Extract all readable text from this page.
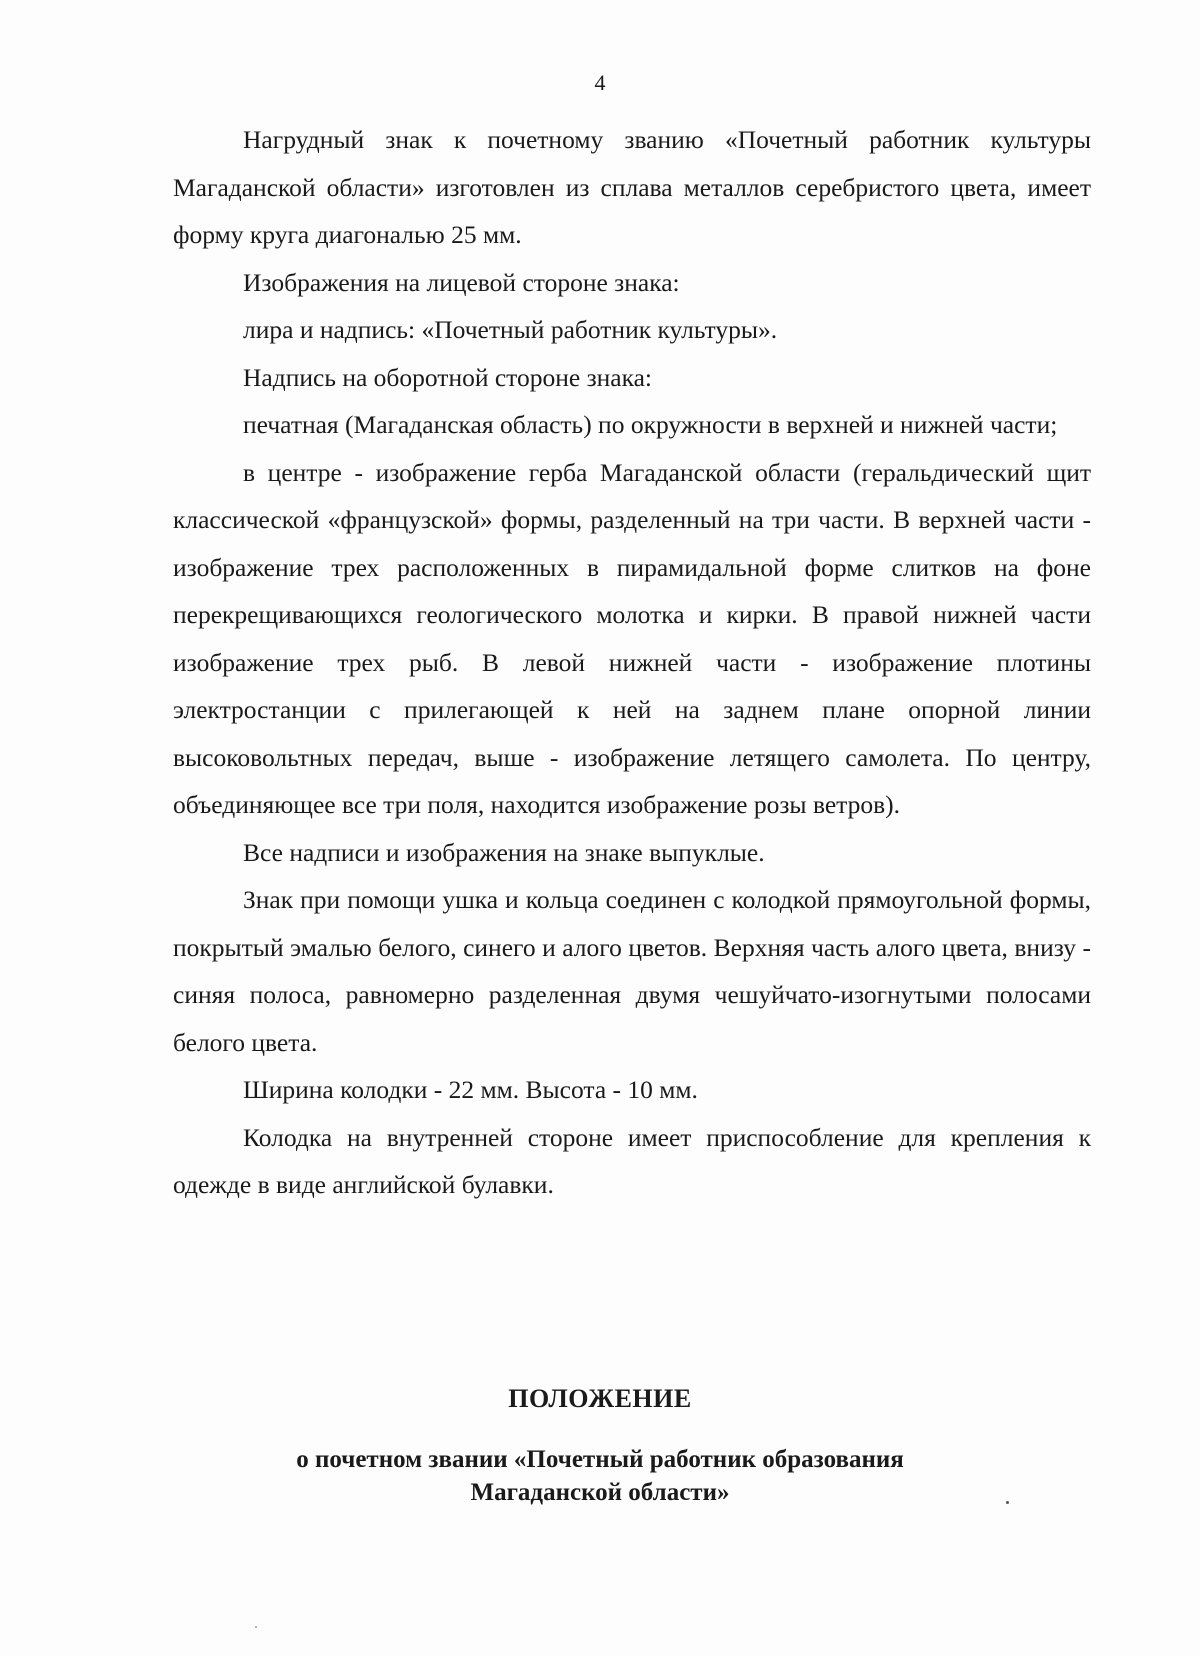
4

Нагрудный знак к почетному званию «Почетный работник культуры Магаданской области» изготовлен из сплава металлов серебристого цвета, имеет форму круга диагональю 25 мм.

Изображения на лицевой стороне знака:

лира и надпись: «Почетный работник культуры».

Надпись на оборотной стороне знака:

печатная (Магаданская область) по окружности в верхней и нижней части;

в центре - изображение герба Магаданской области (геральдический щит классической «французской» формы, разделенный на три части. В верхней части - изображение трех расположенных в пирамидальной форме слитков на фоне перекрещивающихся геологического молотка и кирки. В правой нижней части изображение трех рыб. В левой нижней части - изображение плотины электростанции с прилегающей к ней на заднем плане опорной линии высоковольтных передач, выше - изображение летящего самолета. По центру, объединяющее все три поля, находится изображение розы ветров).

Все надписи и изображения на знаке выпуклые.

Знак при помощи ушка и кольца соединен с колодкой прямоугольной формы, покрытый эмалью белого, синего и алого цветов. Верхняя часть алого цвета, внизу - синяя полоса, равномерно разделенная двумя чешуйчато-изогнутыми полосами белого цвета.

Ширина колодки - 22 мм. Высота - 10 мм.

Колодка на внутренней стороне имеет приспособление для крепления к одежде в виде английской булавки.

ПОЛОЖЕНИЕ
о почетном звании «Почетный работник образования
Магаданской области»
